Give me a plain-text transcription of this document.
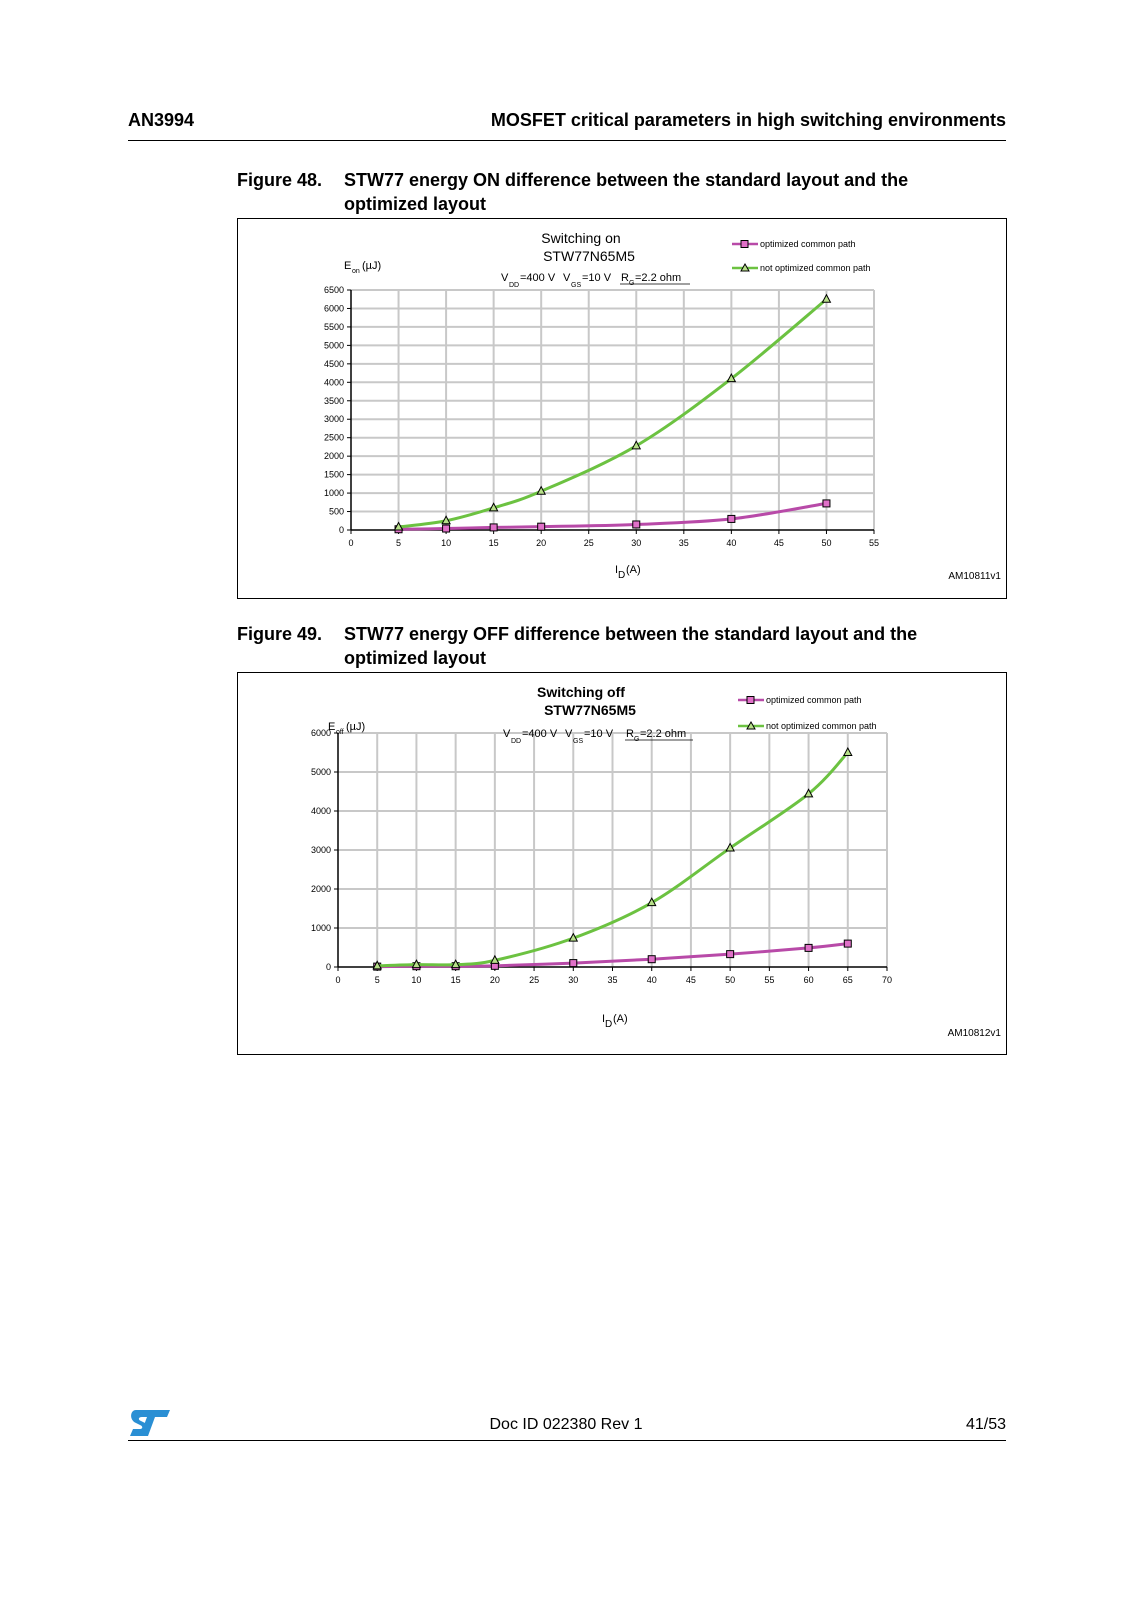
AN3994	MOSFET critical parameters in high switching environments
Figure 48. STW77 energy ON difference between the standard layout and the optimized layout
0
500
1000
1500
2000
2500
3000
3500
4000
4500
5000
5500
6000
6500
0	5	10	15	20	25	30	35	40	45	50	55
Switching on
STW77N65M5
V
DD
=400 V V
GS
=10 V R G =2.2 ohm
E on (µJ)
I D (A)
AM10811v1
optimized common path
not optimized common path
Figure 49. STW77 energy OFF difference between the standard layout and the optimized layout
0
1000
2000
3000
4000
5000
6000
0	5	10	15	20	25	30	35	40	45	50	55	60	65	70
Switching off
STW77N65M5
V
DD
=400 V V
GS
=10 V R G =2.2 ohm
E off (µJ)
I D (A)
AM10812v1
optimized common path
not optimized common path
Doc ID 022380 Rev 1	41/53
